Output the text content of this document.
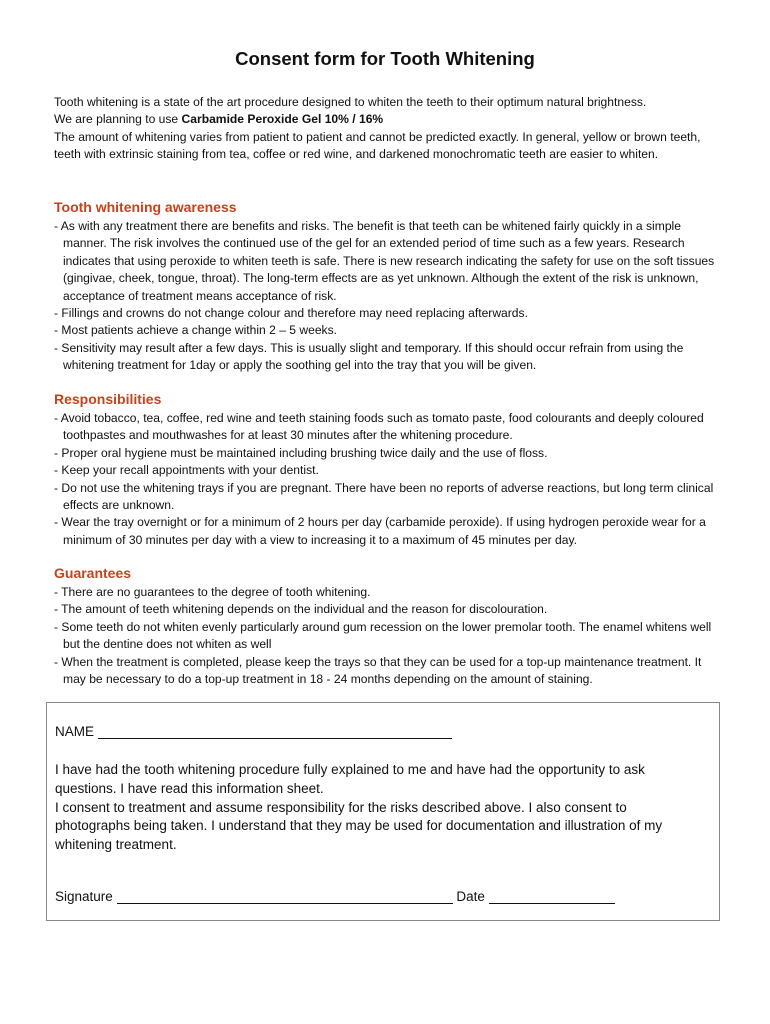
Consent form for Tooth Whitening

Tooth whitening is a state of the art procedure designed to whiten the teeth to their optimum natural brightness.

We are planning to use Carbamide Peroxide Gel 10% / 16%

The amount of whitening varies from patient to patient and cannot be predicted exactly. In general, yellow or brown teeth, teeth with extrinsic staining from tea, coffee or red wine, and darkened monochromatic teeth are easier to whiten.

Tooth whitening awareness
- As with any treatment there are benefits and risks. The benefit is that teeth can be whitened fairly quickly in a simple manner. The risk involves the continued use of the gel for an extended period of time such as a few years. Research indicates that using peroxide to whiten teeth is safe. There is new research indicating the safety for use on the soft tissues (gingivae, cheek, tongue, throat). The long-term effects are as yet unknown. Although the extent of the risk is unknown, acceptance of treatment means acceptance of risk.
- Fillings and crowns do not change colour and therefore may need replacing afterwards.
- Most patients achieve a change within 2 – 5 weeks.
- Sensitivity may result after a few days. This is usually slight and temporary. If this should occur refrain from using the whitening treatment for 1day or apply the soothing gel into the tray that you will be given.
Responsibilities
- Avoid tobacco, tea, coffee, red wine and teeth staining foods such as tomato paste, food colourants and deeply coloured toothpastes and mouthwashes for at least 30 minutes after the whitening procedure.
- Proper oral hygiene must be maintained including brushing twice daily and the use of floss.
- Keep your recall appointments with your dentist.
- Do not use the whitening trays if you are pregnant. There have been no reports of adverse reactions, but long term clinical effects are unknown.
- Wear the tray overnight or for a minimum of 2 hours per day (carbamide peroxide). If using hydrogen peroxide wear for a minimum of 30 minutes per day with a view to increasing it to a maximum of 45 minutes per day.
Guarantees
- There are no guarantees to the degree of tooth whitening.
- The amount of teeth whitening depends on the individual and the reason for discolouration.
- Some teeth do not whiten evenly particularly around gum recession on the lower premolar tooth. The enamel whitens well but the dentine does not whiten as well
- When the treatment is completed, please keep the trays so that they can be used for a top-up maintenance treatment. It may be necessary to do a top-up treatment in 18 - 24 months depending on the amount of staining.
NAME

I have had the tooth whitening procedure fully explained to me and have had the opportunity to ask questions. I have read this information sheet.

I consent to treatment and assume responsibility for the risks described above. I also consent to photographs being taken. I understand that they may be used for documentation and illustration of my whitening treatment.

Signature	Date
